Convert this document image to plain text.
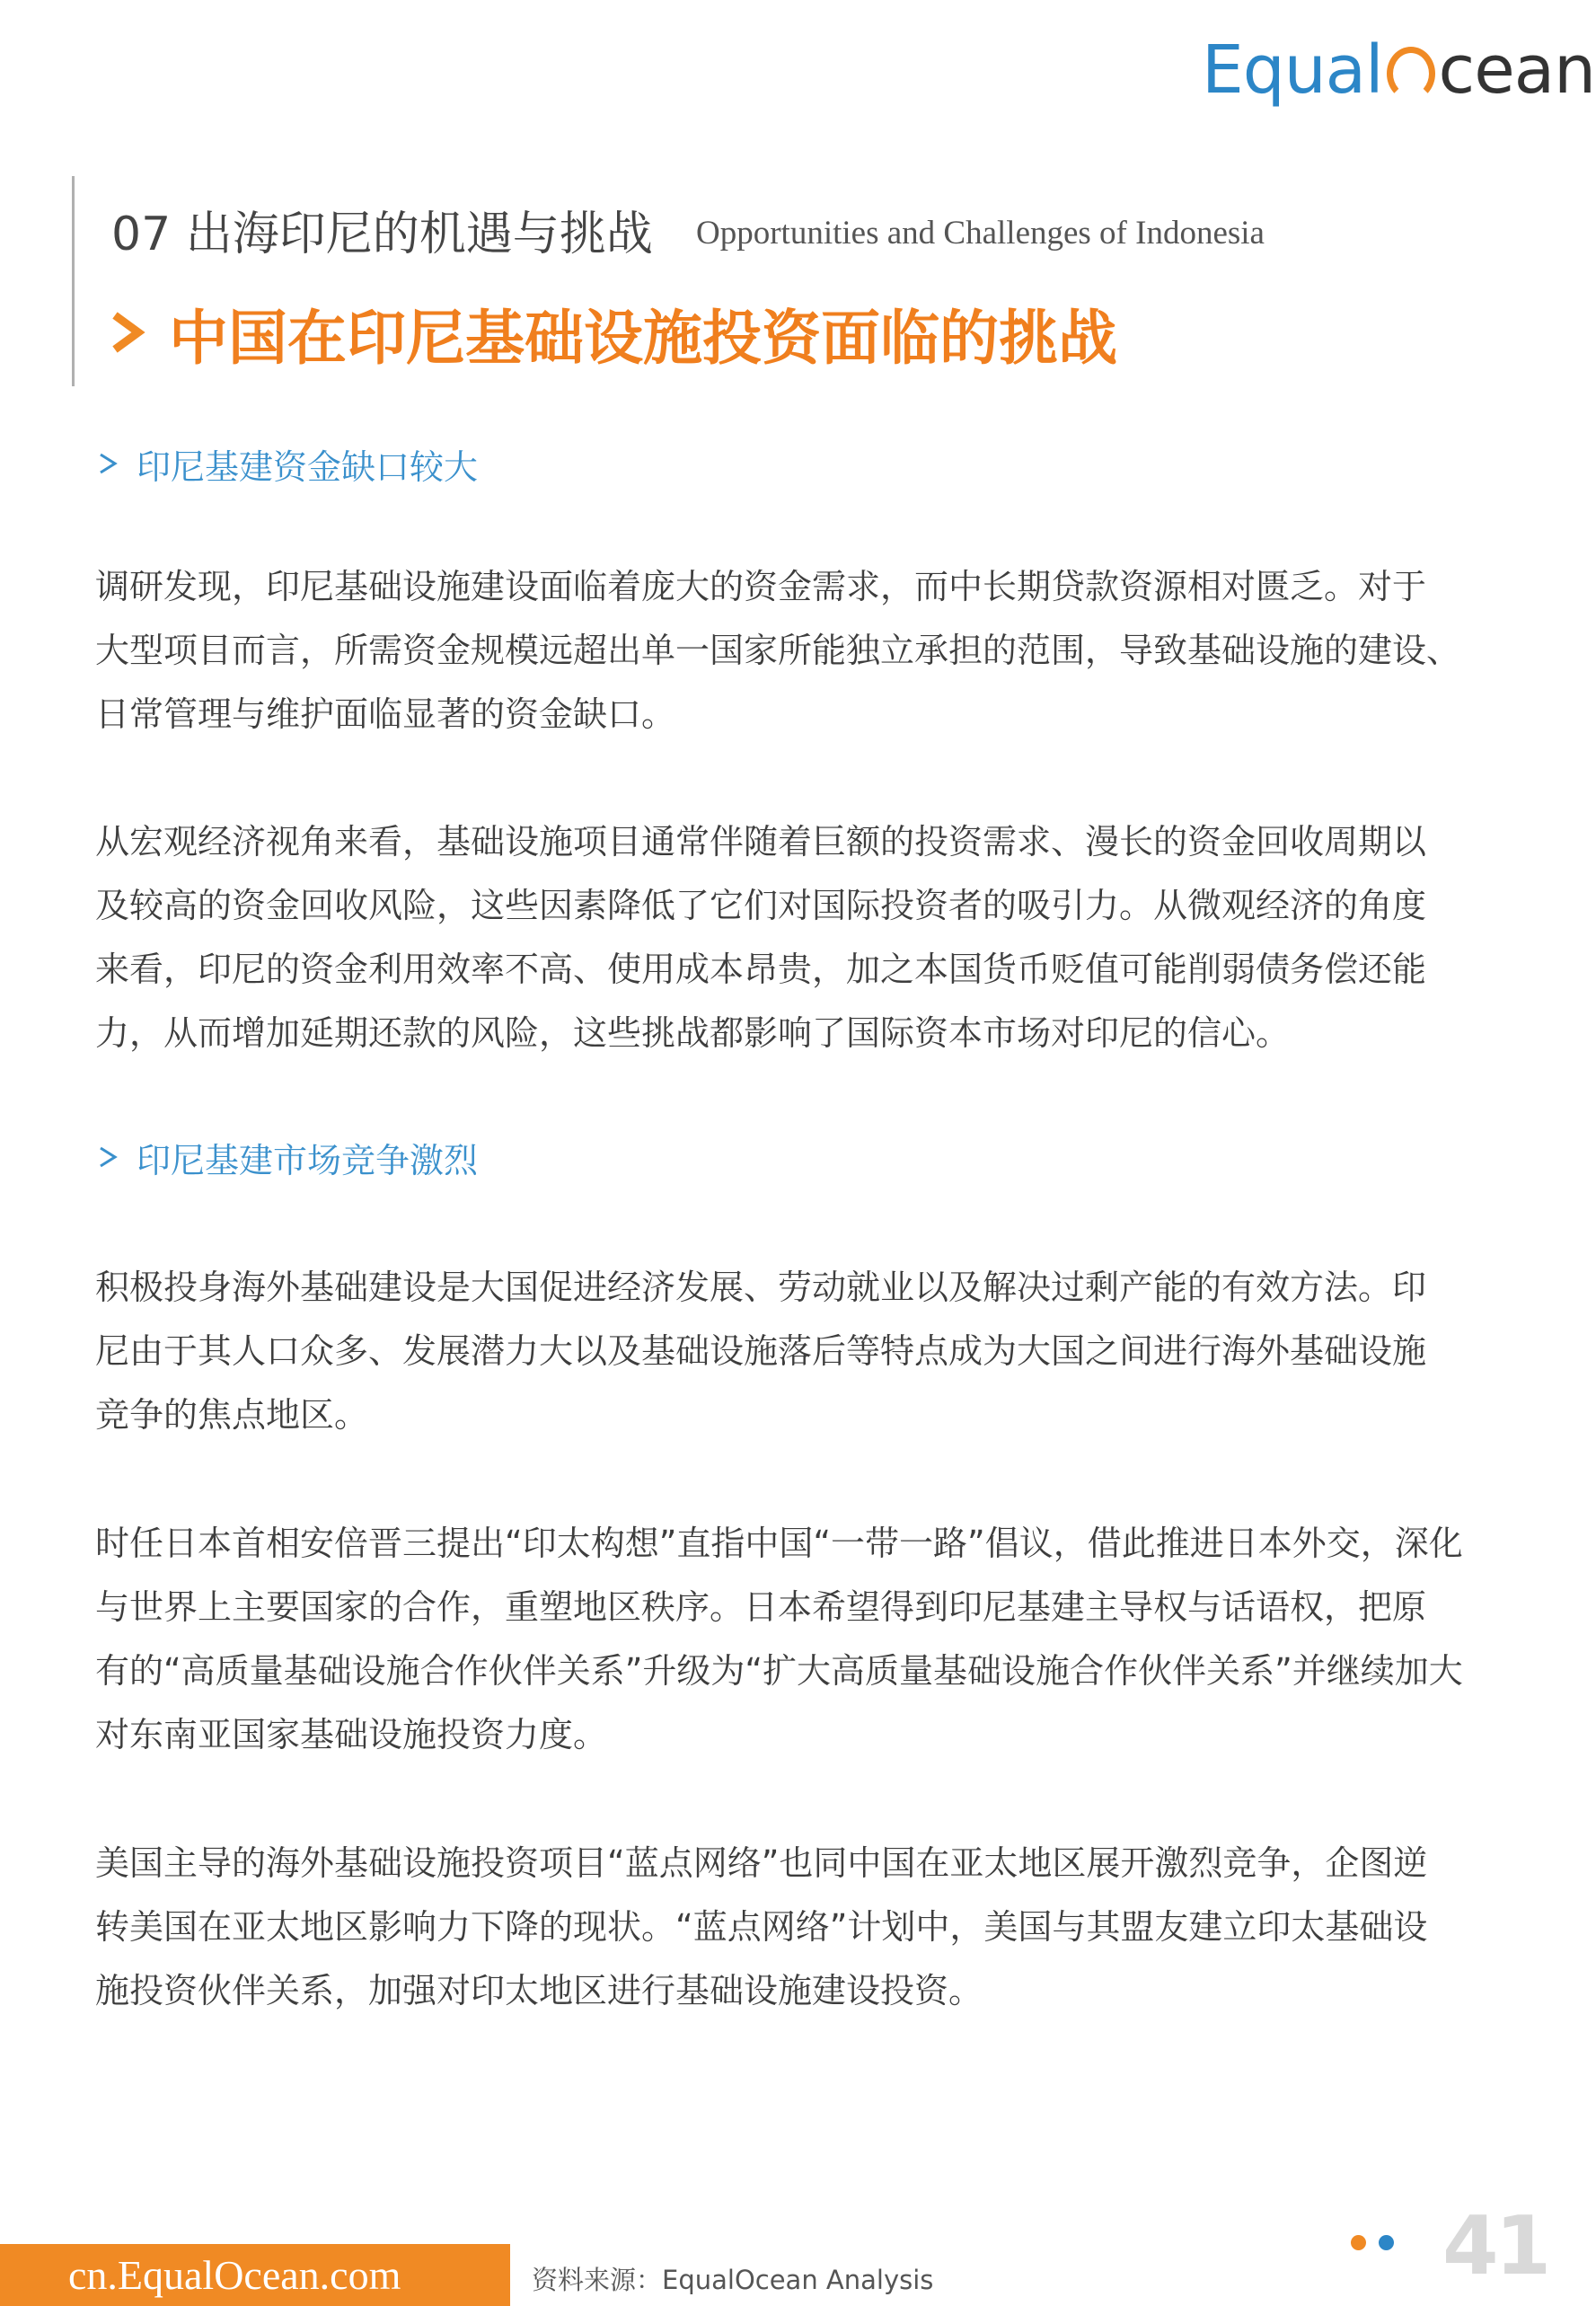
Equal cean
07 出海印尼的机遇与挑战 Opportunities and Challenges of Indonesia
中国在印尼基础设施投资面临的挑战
印尼基建资金缺口较大
调研发现，印尼基础设施建设面临着庞大的资金需求，而中长期贷款资源相对匮乏。对于
大型项目而言，所需资金规模远超出单一国家所能独立承担的范围，导致基础设施的建设、
日常管理与维护面临显著的资金缺口。
从宏观经济视角来看，基础设施项目通常伴随着巨额的投资需求、漫长的资金回收周期以
及较高的资金回收风险，这些因素降低了它们对国际投资者的吸引力。从微观经济的角度
来看，印尼的资金利用效率不高、使用成本昂贵，加之本国货币贬值可能削弱债务偿还能
力，从而增加延期还款的风险，这些挑战都影响了国际资本市场对印尼的信心。
印尼基建市场竞争激烈
积极投身海外基础建设是大国促进经济发展、劳动就业以及解决过剩产能的有效方法。印
尼由于其人口众多、发展潜力大以及基础设施落后等特点成为大国之间进行海外基础设施
竞争的焦点地区。
时任日本首相安倍晋三提出“印太构想”直指中国“一带一路”倡议，借此推进日本外交，深化
与世界上主要国家的合作，重塑地区秩序。日本希望得到印尼基建主导权与话语权，把原
有的“高质量基础设施合作伙伴关系”升级为“扩大高质量基础设施合作伙伴关系”并继续加大
对东南亚国家基础设施投资力度。
美国主导的海外基础设施投资项目“蓝点网络”也同中国在亚太地区展开激烈竞争，企图逆
转美国在亚太地区影响力下降的现状。“蓝点网络”计划中，美国与其盟友建立印太基础设
施投资伙伴关系，加强对印太地区进行基础设施建设投资。
cn.EqualOcean.com	资料来源：EqualOcean Analysis	41
